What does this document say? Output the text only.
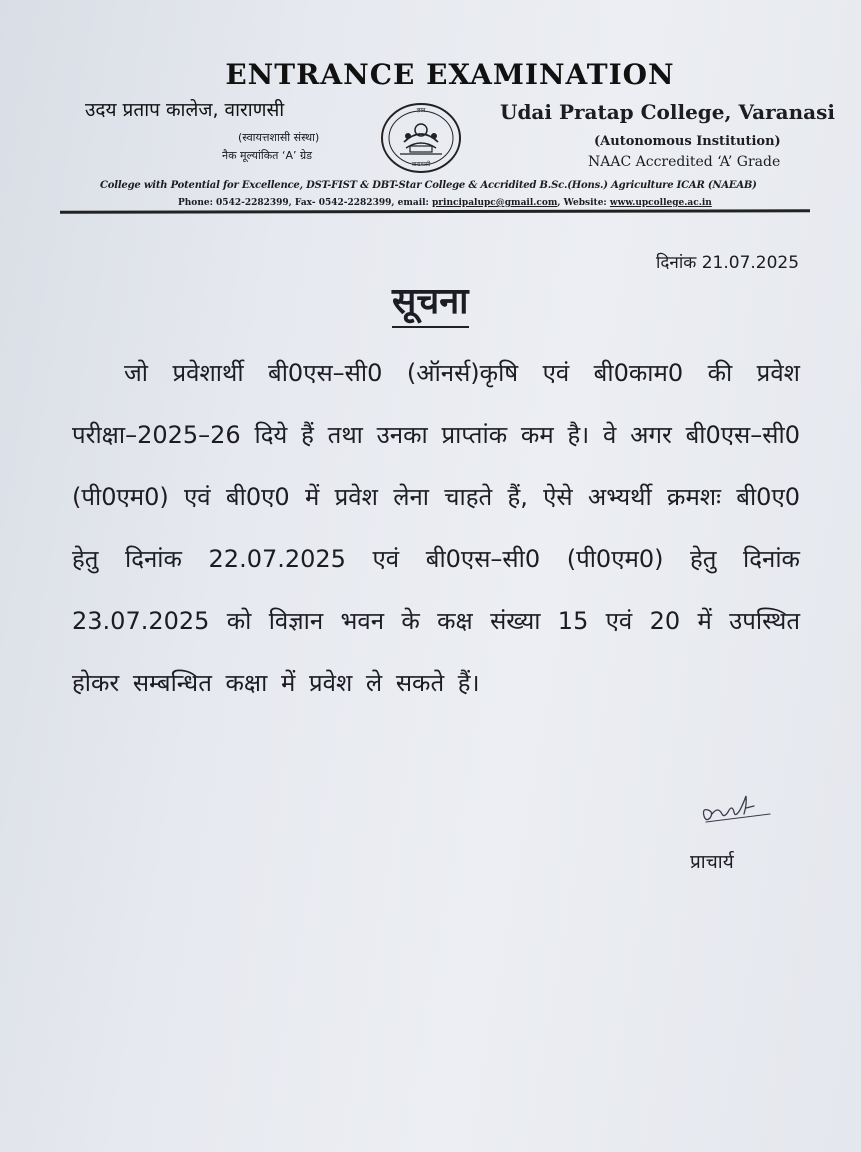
ENTRANCE EXAMINATION
उदय प्रताप कालेज, वाराणसी
(स्वायत्तशासी संस्था)
नैक मूल्यांकित ‘A’ ग्रेड
ज्ञान
वाराणसी
Udai Pratap College, Varanasi
(Autonomous Institution)
NAAC Accredited ‘A’ Grade
College with Potential for Excellence, DST-FIST & DBT-Star College & Accridited B.Sc.(Hons.) Agriculture ICAR (NAEAB)
Phone: 0542-2282399, Fax- 0542-2282399, email: principalupc@gmail.com, Website: www.upcollege.ac.in
दिनांक 21.07.2025
सूचना
जो प्रवेशार्थी बी0एस–सी0 (ऑनर्स)कृषि एवं बी0काम0 की प्रवेश परीक्षा–2025–26 दिये हैं तथा उनका प्राप्तांक कम है। वे अगर बी0एस–सी0 (पी0एम0) एवं बी0ए0 में प्रवेश लेना चाहते हैं, ऐसे अभ्यर्थी क्रमशः बी0ए0 हेतु दिनांक 22.07.2025 एवं बी0एस–सी0 (पी0एम0) हेतु दिनांक 23.07.2025 को विज्ञान भवन के कक्ष संख्या 15 एवं 20 में उपस्थित होकर सम्बन्धित कक्षा में प्रवेश ले सकते हैं।
प्राचार्य
